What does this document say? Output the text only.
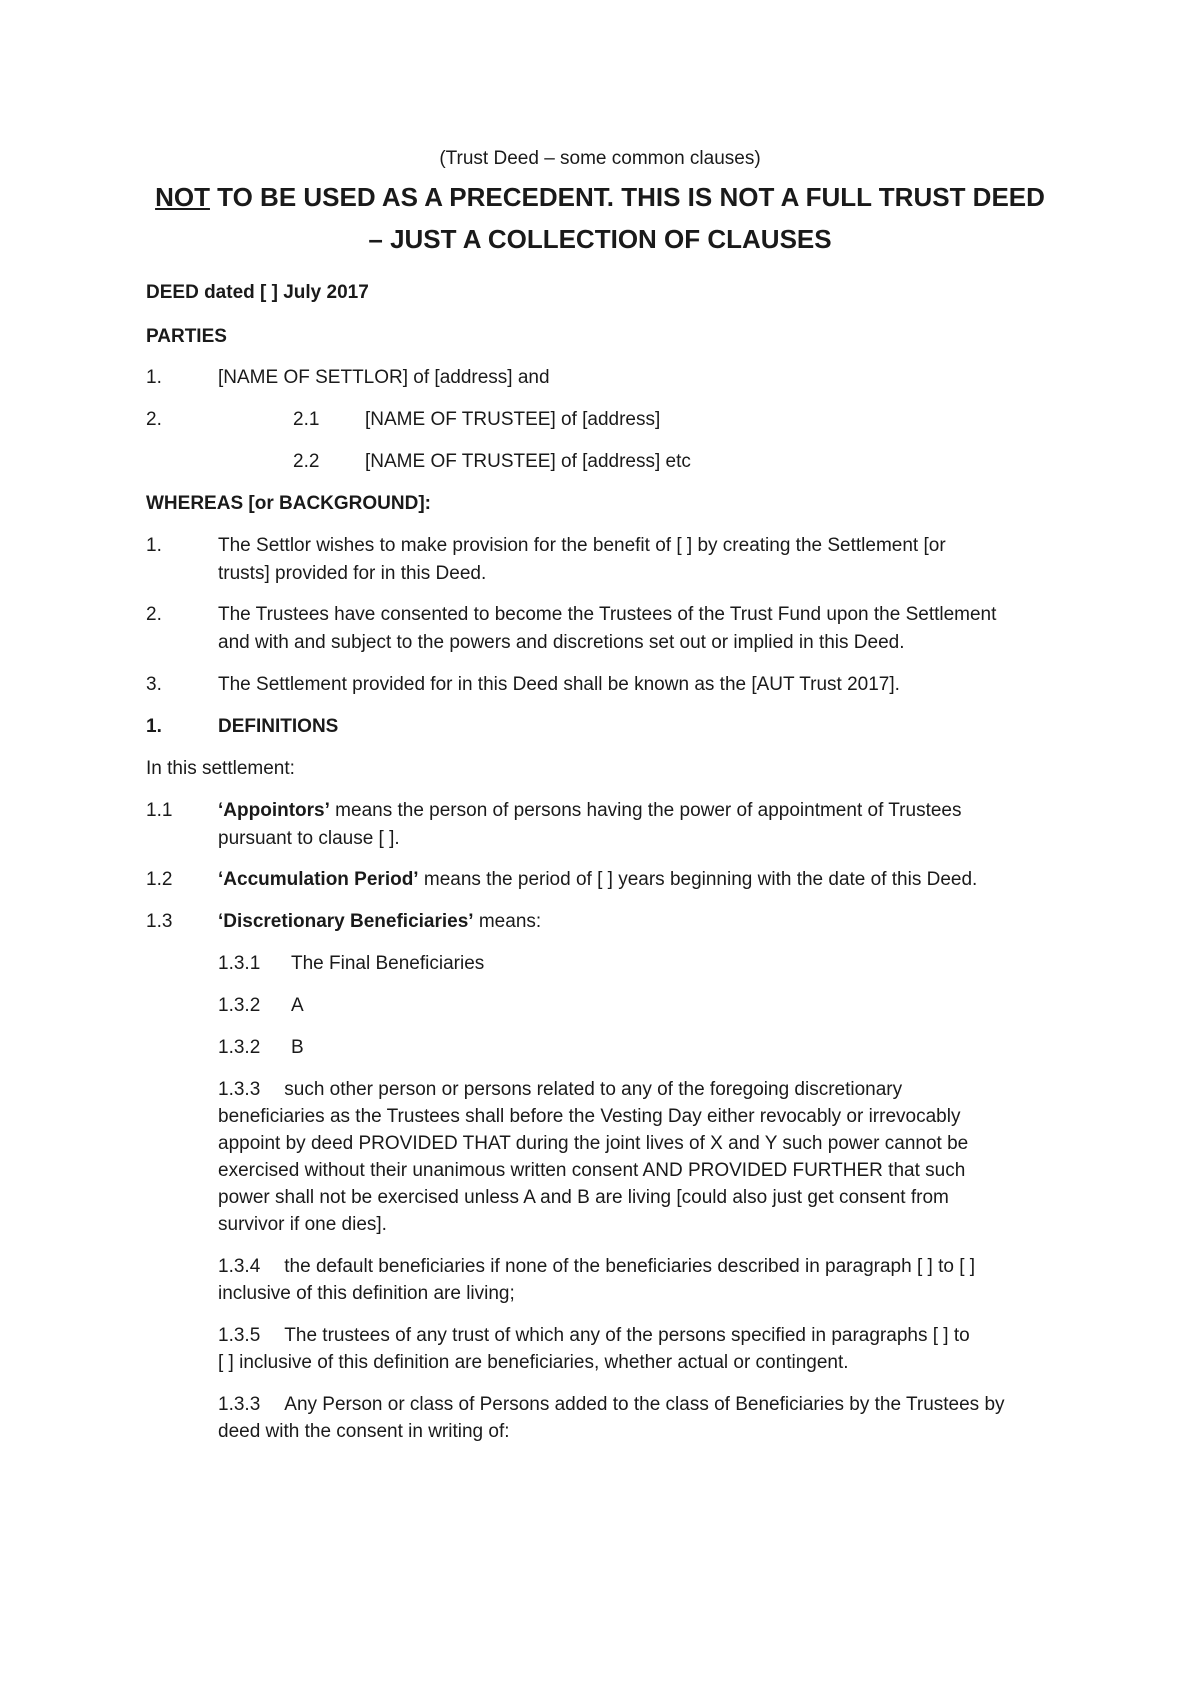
(Trust Deed – some common clauses)
NOT TO BE USED AS A PRECEDENT. THIS IS NOT A FULL TRUST DEED
– JUST A COLLECTION OF CLAUSES
DEED dated [ ] July 2017
PARTIES
1.	[NAME OF SETTLOR] of [address] and
2.	2.1 [NAME OF TRUSTEE] of [address]
2.2 [NAME OF TRUSTEE] of [address] etc
WHEREAS [or BACKGROUND]:
1.	The Settlor wishes to make provision for the benefit of [ ] by creating the Settlement [or
trusts] provided for in this Deed.
2.	The Trustees have consented to become the Trustees of the Trust Fund upon the Settlement
and with and subject to the powers and discretions set out or implied in this Deed.
3.	The Settlement provided for in this Deed shall be known as the [AUT Trust 2017].
1.	DEFINITIONS
In this settlement:
1.1 ‘Appointors’ means the person of persons having the power of appointment of Trustees
pursuant to clause [ ].
1.2 ‘Accumulation Period’ means the period of [ ] years beginning with the date of this Deed.
1.3 ‘Discretionary Beneficiaries’ means:
1.3.1 The Final Beneficiaries
1.3.2 A
1.3.2 B
1.3.3 such other person or persons related to any of the foregoing discretionary
beneficiaries as the Trustees shall before the Vesting Day either revocably or irrevocably
appoint by deed PROVIDED THAT during the joint lives of X and Y such power cannot be
exercised without their unanimous written consent AND PROVIDED FURTHER that such
power shall not be exercised unless A and B are living [could also just get consent from
survivor if one dies].
1.3.4 the default beneficiaries if none of the beneficiaries described in paragraph [ ] to [ ]
inclusive of this definition are living;
1.3.5 The trustees of any trust of which any of the persons specified in paragraphs [ ] to
[ ] inclusive of this definition are beneficiaries, whether actual or contingent.
1.3.3 Any Person or class of Persons added to the class of Beneficiaries by the Trustees by
deed with the consent in writing of:
